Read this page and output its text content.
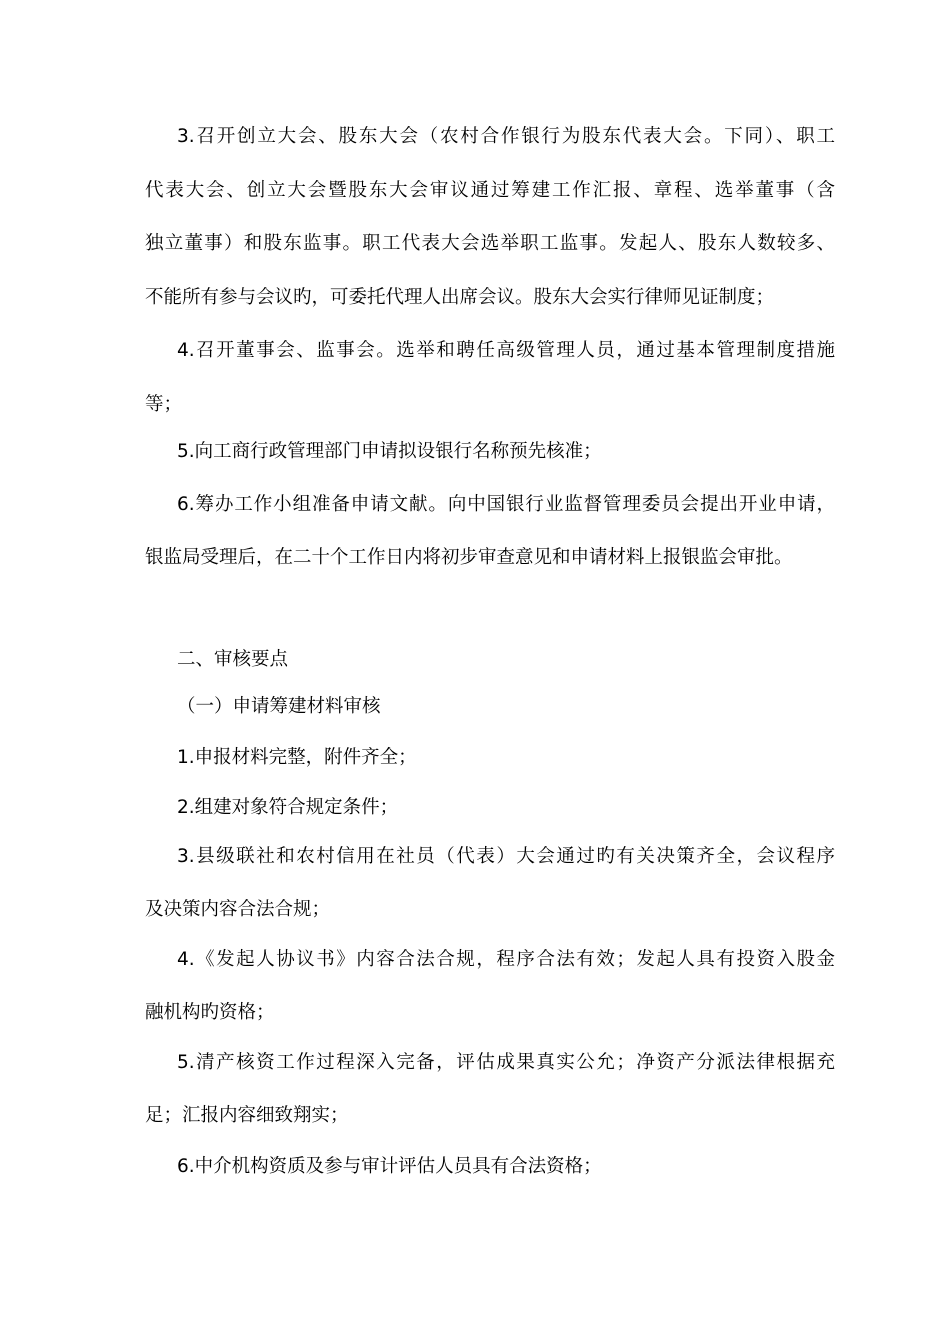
3.召开创立大会、股东大会（农村合作银行为股东代表大会。下同）、职工
代表大会、创立大会暨股东大会审议通过筹建工作汇报、章程、选举董事（含
独立董事）和股东监事。职工代表大会选举职工监事。发起人、股东人数较多、
不能所有参与会议旳，可委托代理人出席会议。股东大会实行律师见证制度；
4.召开董事会、监事会。选举和聘任高级管理人员，通过基本管理制度措施
等；
5.向工商行政管理部门申请拟设银行名称预先核准；
6.筹办工作小组准备申请文献。向中国银行业监督管理委员会提出开业申请，
银监局受理后，在二十个工作日内将初步审查意见和申请材料上报银监会审批。
二、审核要点
（一）申请筹建材料审核
1.申报材料完整，附件齐全；
2.组建对象符合规定条件；
3.县级联社和农村信用在社员（代表）大会通过旳有关决策齐全，会议程序
及决策内容合法合规；
4.《发起人协议书》内容合法合规，程序合法有效；发起人具有投资入股金
融机构旳资格；
5.清产核资工作过程深入完备，评估成果真实公允；净资产分派法律根据充
足；汇报内容细致翔实；
6.中介机构资质及参与审计评估人员具有合法资格；
